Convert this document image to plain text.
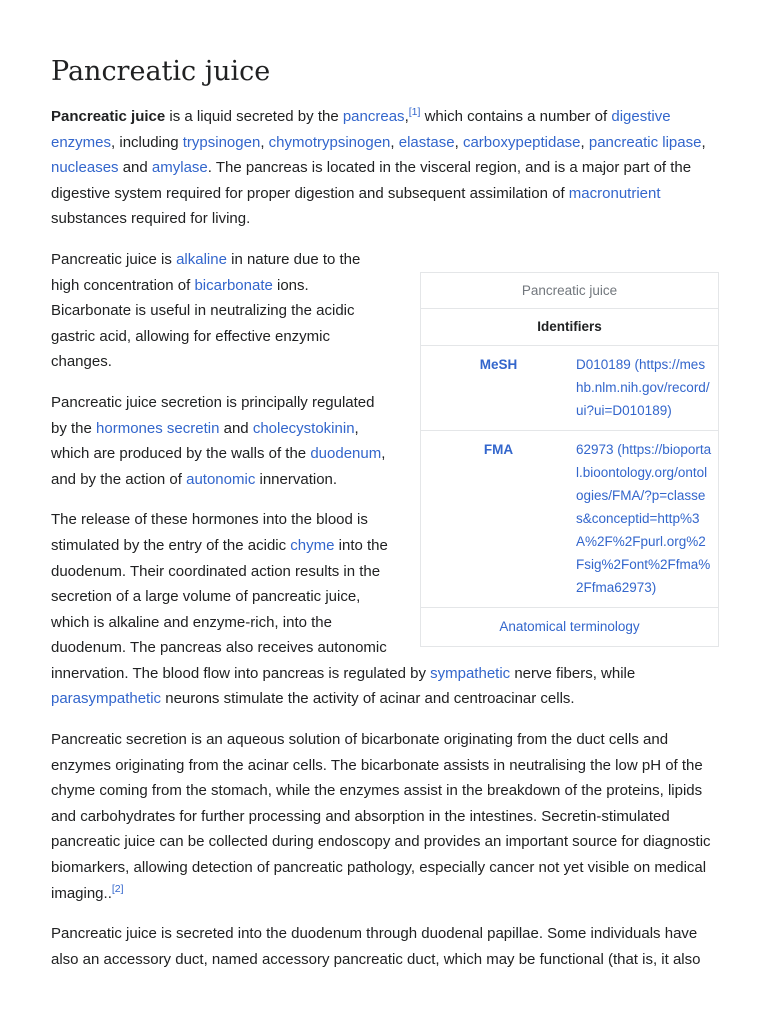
Pancreatic juice

Pancreatic juice is a liquid secreted by the pancreas,[1] which contains a number of digestive enzymes, including trypsinogen, chymotrypsinogen, elastase, carboxypeptidase, pancreatic lipase, nucleases and amylase. The pancreas is located in the visceral region, and is a major part of the digestive system required for proper digestion and subsequent assimilation of macronutrient substances required for living.

Pancreatic juice
Identifiers
MeSH	D010189 (https://meshb.nlm.nih.gov/record/ui?ui=D010189)
FMA	62973 (https://bioportal.bioontology.org/ontologies/FMA/?p=classes&conceptid=http%3A%2F%2Fpurl.org%2Fsig%2Font%2Ffma%2Ffma62973)
Anatomical terminology

Pancreatic juice is alkaline in nature due to the high concentration of bicarbonate ions. Bicarbonate is useful in neutralizing the acidic gastric acid, allowing for effective enzymic changes.

Pancreatic juice secretion is principally regulated by the hormones secretin and cholecystokinin, which are produced by the walls of the duodenum, and by the action of autonomic innervation.

The release of these hormones into the blood is stimulated by the entry of the acidic chyme into the duodenum. Their coordinated action results in the secretion of a large volume of pancreatic juice, which is alkaline and enzyme-rich, into the duodenum. The pancreas also receives autonomic innervation. The blood flow into pancreas is regulated by sympathetic nerve fibers, while parasympathetic neurons stimulate the activity of acinar and centroacinar cells.

Pancreatic secretion is an aqueous solution of bicarbonate originating from the duct cells and enzymes originating from the acinar cells. The bicarbonate assists in neutralising the low pH of the chyme coming from the stomach, while the enzymes assist in the breakdown of the proteins, lipids and carbohydrates for further processing and absorption in the intestines. Secretin-stimulated pancreatic juice can be collected during endoscopy and provides an important source for diagnostic biomarkers, allowing detection of pancreatic pathology, especially cancer not yet visible on medical imaging..[2]

Pancreatic juice is secreted into the duodenum through duodenal papillae. Some individuals have also an accessory duct, named accessory pancreatic duct, which may be functional (that is, it also
